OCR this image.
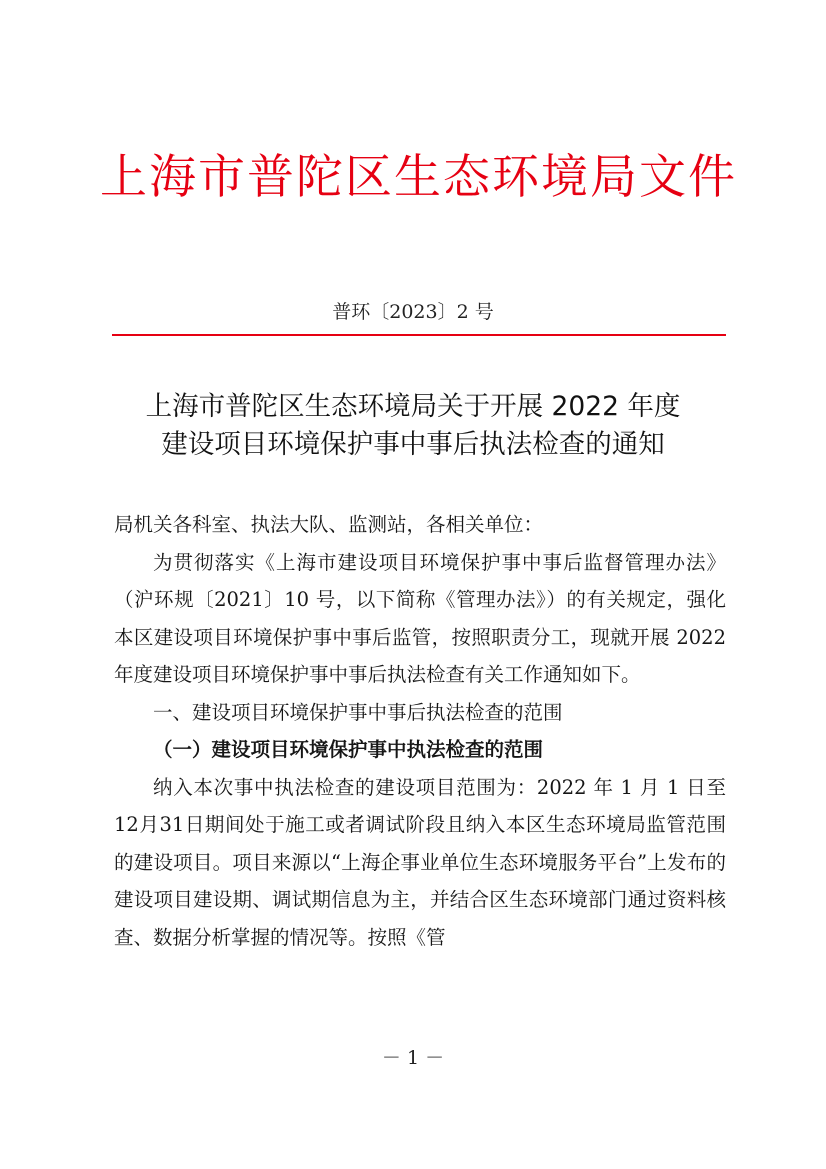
上海市普陀区生态环境局文件
普环〔2023〕2 号
上海市普陀区生态环境局关于开展 2022 年度
建设项目环境保护事中事后执法检查的通知

局机关各科室、执法大队、监测站，各相关单位：

为贯彻落实《上海市建设项目环境保护事中事后监督管理办法》（沪环规〔2021〕10 号，以下简称《管理办法》）的有关规定，强化本区建设项目环境保护事中事后监管，按照职责分工，现就开展 2022 年度建设项目环境保护事中事后执法检查有关工作通知如下。

一、建设项目环境保护事中事后执法检查的范围

（一）建设项目环境保护事中执法检查的范围

纳入本次事中执法检查的建设项目范围为：2022 年 1 月 1 日至12月31日期间处于施工或者调试阶段且纳入本区生态环境局监管范围的建设项目。项目来源以“上海企事业单位生态环境服务平台”上发布的建设项目建设期、调试期信息为主，并结合区生态环境部门通过资料核查、数据分析掌握的情况等。按照《管

－ 1 －
